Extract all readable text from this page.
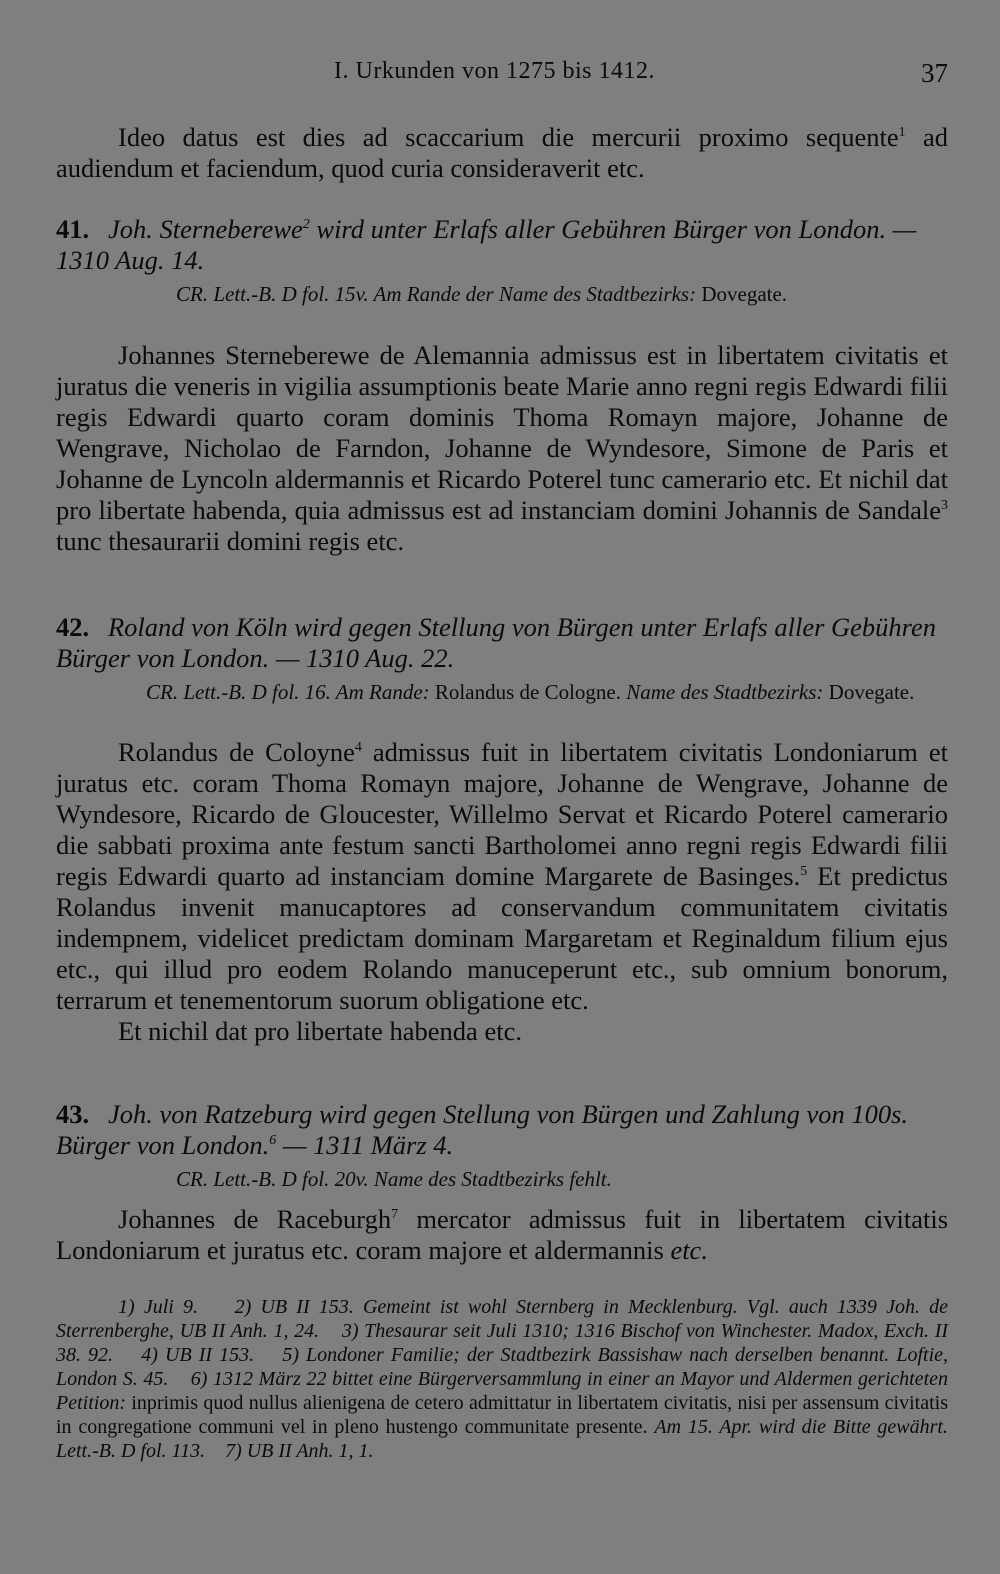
I. Urkunden von 1275 bis 1412.	37

Ideo datus est dies ad scaccarium die mercurii proximo sequente$^1$ ad audiendum et faciendum, quod curia consideraverit etc.

41. Joh. Sterneberewe$^2$ wird unter Erlafs aller Gebühren Bürger von London. — 1310 Aug. 14.

CR. Lett.-B. D fol. 15v. Am Rande der Name des Stadtbezirks: Dovegate.

Johannes Sterneberewe de Alemannia admissus est in libertatem civitatis et juratus die veneris in vigilia assumptionis beate Marie anno regni regis Edwardi filii regis Edwardi quarto coram dominis Thoma Romayn majore, Johanne de Wengrave, Nicholao de Farndon, Johanne de Wyndesore, Simone de Paris et Johanne de Lyncoln aldermannis et Ricardo Poterel tunc camerario etc. Et nichil dat pro libertate habenda, quia admissus est ad instanciam domini Johannis de Sandale$^3$ tunc thesaurarii domini regis etc.

42. Roland von Köln wird gegen Stellung von Bürgen unter Erlafs aller Gebühren Bürger von London. — 1310 Aug. 22.

CR. Lett.-B. D fol. 16. Am Rande: Rolandus de Cologne. Name des Stadtbezirks: Dovegate.

Rolandus de Coloyne$^4$ admissus fuit in libertatem civitatis Londoniarum et juratus etc. coram Thoma Romayn majore, Johanne de Wengrave, Johanne de Wyndesore, Ricardo de Gloucester, Willelmo Servat et Ricardo Poterel camerario die sabbati proxima ante festum sancti Bartholomei anno regni regis Edwardi filii regis Edwardi quarto ad instanciam domine Margarete de Basinges.$^5$ Et predictus Rolandus invenit manucaptores ad conservandum communitatem civitatis indempnem, videlicet predictam dominam Margaretam et Reginaldum filium ejus etc., qui illud pro eodem Rolando manuceperunt etc., sub omnium bonorum, terrarum et tenementorum suorum obligatione etc.

Et nichil dat pro libertate habenda etc.

43. Joh. von Ratzeburg wird gegen Stellung von Bürgen und Zahlung von 100s. Bürger von London.$^6$ — 1311 März 4.

CR. Lett.-B. D fol. 20v. Name des Stadtbezirks fehlt.

Johannes de Raceburgh$^7$ mercator admissus fuit in libertatem civitatis Londoniarum et juratus etc. coram majore et aldermannis etc.

1) Juli 9. 2) UB II 153. Gemeint ist wohl Sternberg in Mecklenburg. Vgl. auch 1339 Joh. de Sterrenberghe, UB II Anh. 1, 24. 3) Thesaurar seit Juli 1310; 1316 Bischof von Winchester. Madox, Exch. II 38. 92. 4) UB II 153. 5) Londoner Familie; der Stadtbezirk Bassishaw nach derselben benannt. Loftie, London S. 45. 6) 1312 März 22 bittet eine Bürgerversammlung in einer an Mayor und Aldermen gerichteten Petition: inprimis quod nullus alienigena de cetero admittatur in libertatem civitatis, nisi per assensum civitatis in congregatione communi vel in pleno hustengo communitate presente. Am 15. Apr. wird die Bitte gewährt. Lett.-B. D fol. 113. 7) UB II Anh. 1, 1.
